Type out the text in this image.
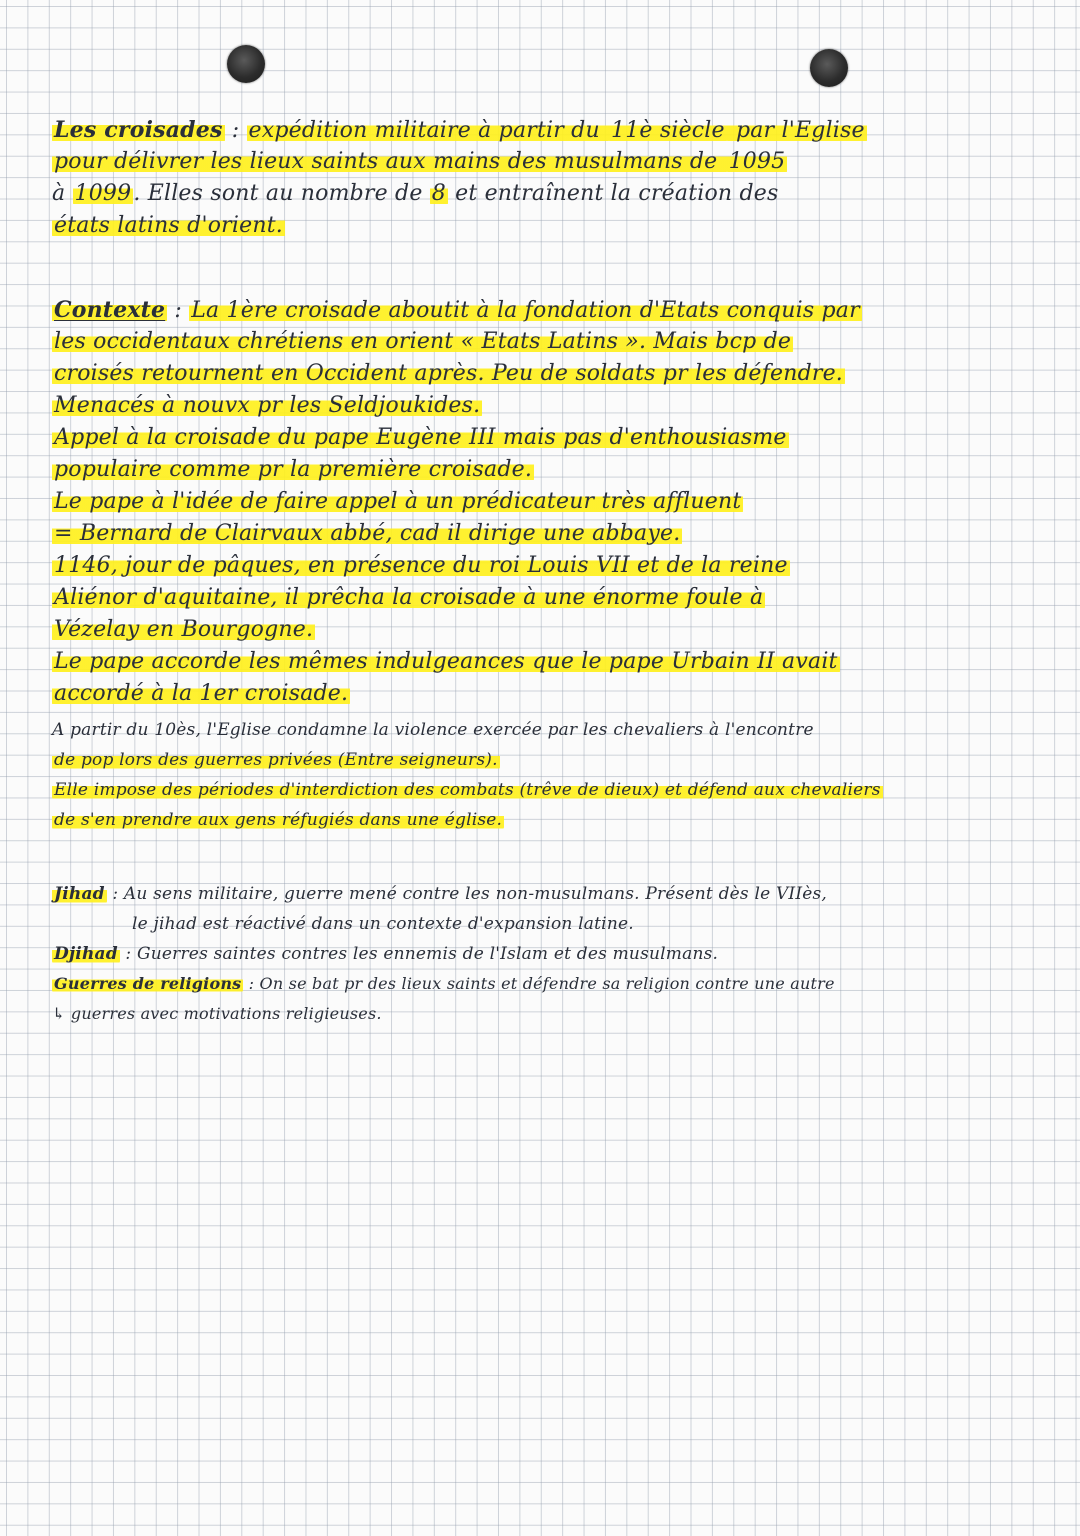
Les croisades : expédition militaire à partir du 11è siècle par l'Eglise
pour délivrer les lieux saints aux mains des musulmans de 1095
à 1099. Elles sont au nombre de 8 et entraînent la création des
états latins d'orient.
Contexte : La 1ère croisade aboutit à la fondation d'Etats conquis par
les occidentaux chrétiens en orient « Etats Latins ». Mais bcp de
croisés retournent en Occident après. Peu de soldats pr les défendre.
Menacés à nouvx pr les Seldjoukides.
Appel à la croisade du pape Eugène III mais pas d'enthousiasme
populaire comme pr la première croisade.
Le pape à l'idée de faire appel à un prédicateur très affluent
= Bernard de Clairvaux abbé, cad il dirige une abbaye.
1146, jour de pâques, en présence du roi Louis VII et de la reine
Aliénor d'aquitaine, il prêcha la croisade à une énorme foule à
Vézelay en Bourgogne.
Le pape accorde les mêmes indulgeances que le pape Urbain II avait
accordé à la 1er croisade.
A partir du 10ès, l'Eglise condamne la violence exercée par les chevaliers à l'encontre
de pop lors des guerres privées (Entre seigneurs).
Elle impose des périodes d'interdiction des combats (trêve de dieux) et défend aux chevaliers
de s'en prendre aux gens réfugiés dans une église.
Jihad : Au sens militaire, guerre mené contre les non-musulmans. Présent dès le VIIès,
le jihad est réactivé dans un contexte d'expansion latine.
Djihad : Guerres saintes contres les ennemis de l'Islam et des musulmans.
Guerres de religions : On se bat pr des lieux saints et défendre sa religion contre une autre
↳ guerres avec motivations religieuses.
